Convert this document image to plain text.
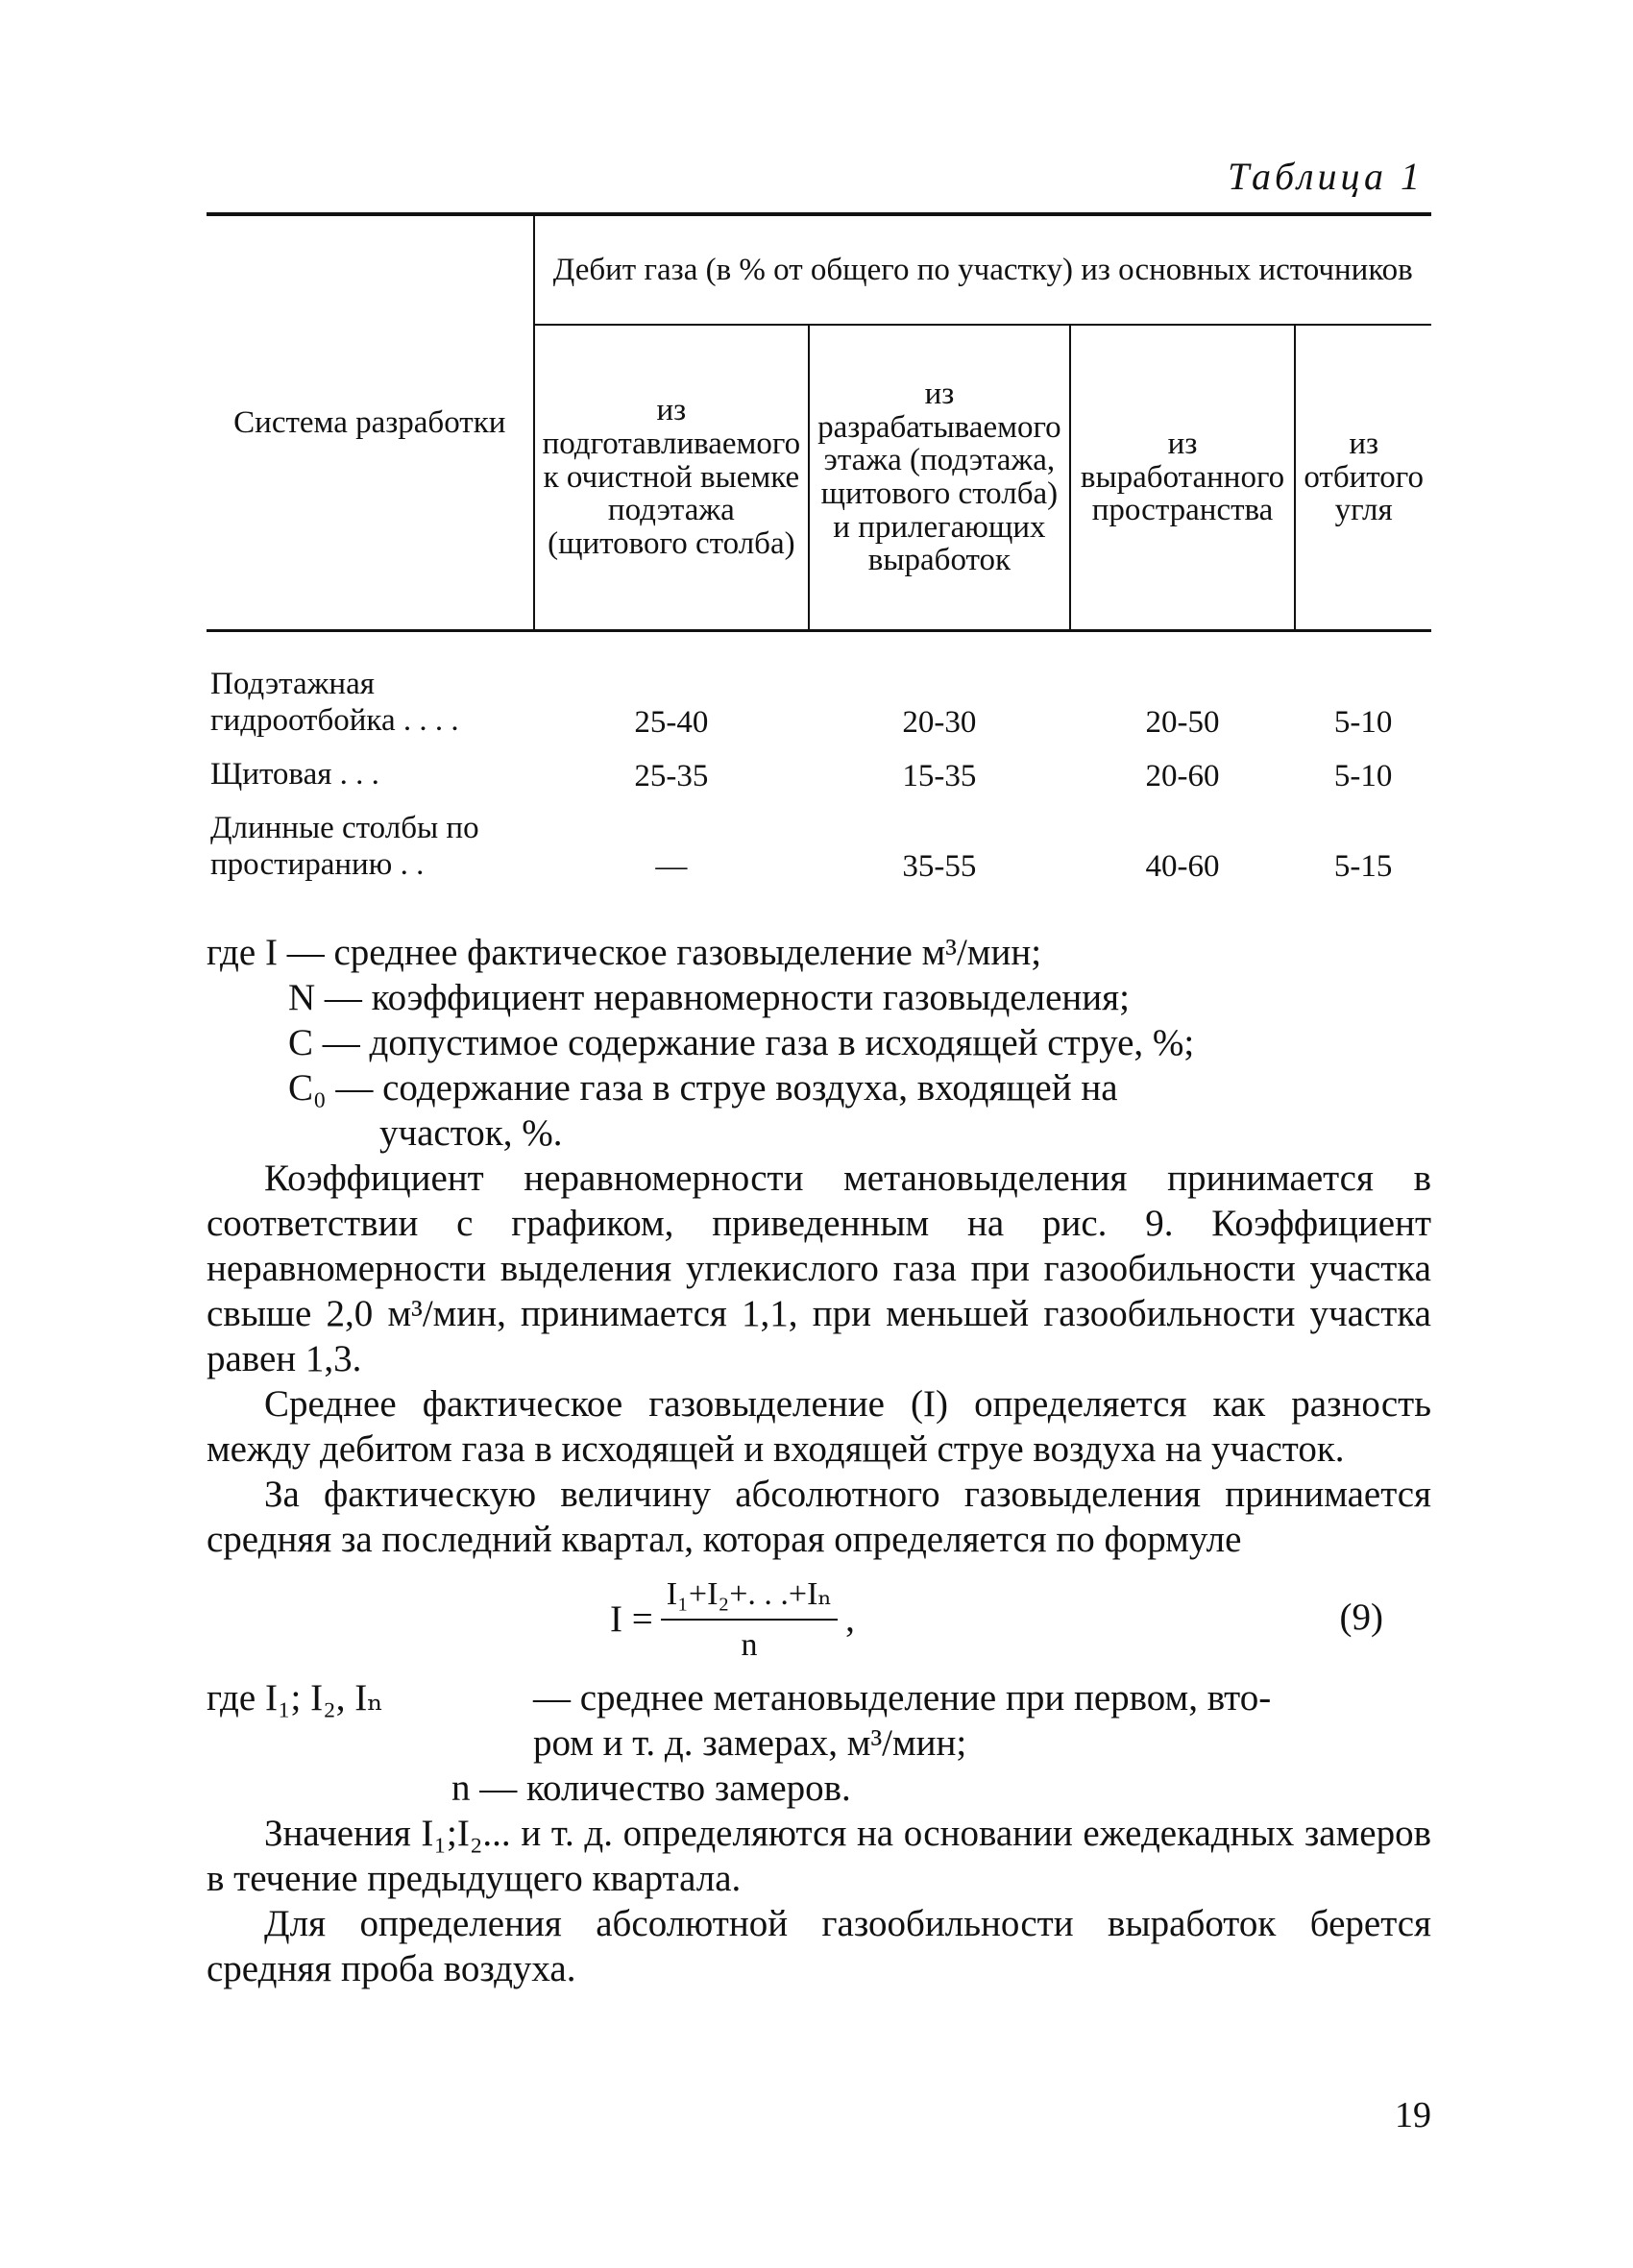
Таблица 1
Система разработки	Дебит газа (в % от общего по участку) из основных источников			
	из подготавливаемого к очистной выемке подэтажа (щитового столба)	из разрабатываемого этажа (подэтажа, щитового столба) и прилегающих выработок	из выработанного пространства	из отбитого угля
Подэтажная гидроотбойка . . . .	25-40	20-30	20-50	5-10
Щитовая . . .	25-35	15-35	20-60	5-10
Длинные столбы по простиранию . .	—	35-55	40-60	5-15
где I — среднее фактическое газовыделение м³/мин;
N — коэффициент неравномерности газовыделения;
C — допустимое содержание газа в исходящей струе, %;
C₀ — содержание газа в струе воздуха, входящей на
участок, %.

Коэффициент неравномерности метановыделения принимается в соответствии с графиком, приведенным на рис. 9. Коэффициент неравномерности выделения углекислого газа при газообильности участка свыше 2,0 м³/мин, принимается 1,1, при меньшей газообильности участка равен 1,3.

Среднее фактическое газовыделение (I) определяется как разность между дебитом газа в исходящей и входящей струе воздуха на участок.

За фактическую величину абсолютного газовыделения принимается средняя за последний квартал, которая определяется по формуле

$I = \frac{\text{I₁+I₂+. . .+Iₙ}}{n}$ ,	(9)
где I₁; I₂, Iₙ	— среднее метановыделение при первом, вто-
ром и т. д. замерах, м³/мин;
n — количество замеров.

Значения I₁;I₂... и т. д. определяются на основании ежедекадных замеров в течение предыдущего квартала.

Для определения абсолютной газообильности выработок берется средняя проба воздуха.

19
